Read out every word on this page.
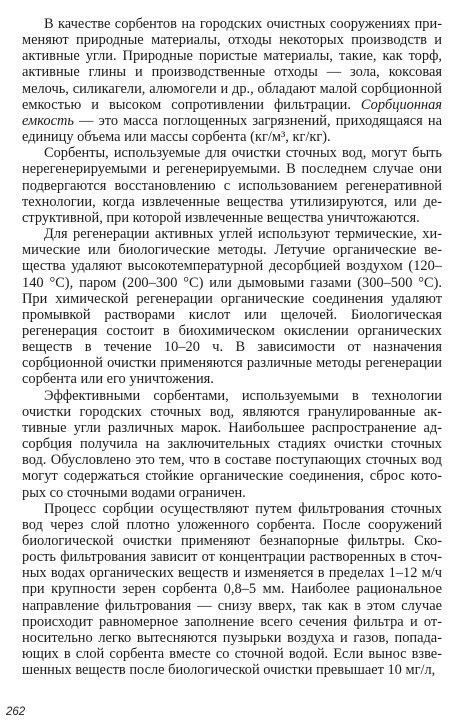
В качестве сорбентов на городских очистных сооружениях применяют природные материалы, отходы некоторых производств и активные угли. Природные пористые материалы, такие, как торф, активные глины и производственные отходы — зола, коксовая мелочь, силикагели, алюмогели и др., обладают малой сорбционной емкостью и высоком сопротивлении фильтрации. Сорбционная емкость — это масса поглощенных загрязнений, приходящаяся на единицу объема или массы сорбента (кг/м³, кг/кг).

Сорбенты, используемые для очистки сточных вод, могут быть нерегенерируемыми и регенерируемыми. В последнем случае они подвергаются восстановлению с использованием регенеративной технологии, когда извлеченные вещества утилизируются, или деструктивной, при которой извлеченные вещества уничтожаются.

Для регенерации активных углей используют термические, химические или биологические методы. Летучие органические вещества удаляют высокотемпературной десорбцией воздухом (120–140 °С), паром (200–300 °С) или дымовыми газами (300–500 °С). При химической регенерации органические соединения удаляют промывкой растворами кислот или щелочей. Биологическая регенерация состоит в биохимическом окислении органических веществ в течение 10–20 ч. В зависимости от назначения сорбционной очистки применяются различные методы регенерации сорбента или его уничтожения.

Эффективными сорбентами, используемыми в технологии очистки городских сточных вод, являются гранулированные активные угли различных марок. Наибольшее распространение адсорбция получила на заключительных стадиях очистки сточных вод. Обусловлено это тем, что в составе поступающих сточных вод могут содержаться стойкие органические соединения, сброс которых со сточными водами ограничен.

Процесс сорбции осуществляют путем фильтрования сточных вод через слой плотно уложенного сорбента. После сооружений биологической очистки применяют безнапорные фильтры. Скорость фильтрования зависит от концентрации растворенных в сточных водах органических веществ и изменяется в пределах 1–12 м/ч при крупности зерен сорбента 0,8–5 мм. Наиболее рациональное направление фильтрования — снизу вверх, так как в этом случае происходит равномерное заполнение всего сечения фильтра и относительно легко вытесняются пузырьки воздуха и газов, попадающих в слой сорбента вместе со сточной водой. Если вынос взвешенных веществ после биологической очистки превышает 10 мг/л,

262
